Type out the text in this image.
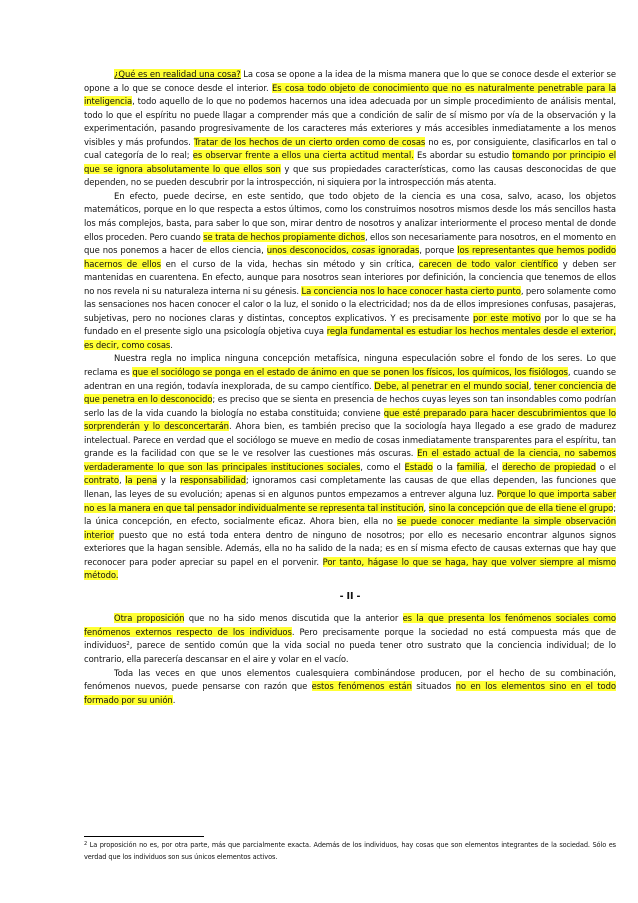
¿Qué es en realidad una cosa? La cosa se opone a la idea de la misma manera que lo que se conoce desde el exterior se opone a lo que se conoce desde el interior. Es cosa todo objeto de conocimiento que no es naturalmente penetrable para la inteligencia, todo aquello de lo que no podemos hacernos una idea adecuada por un simple procedimiento de análisis mental, todo lo que el espíritu no puede llagar a comprender más que a condición de salir de sí mismo por vía de la observación y la experimentación, pasando progresivamente de los caracteres más exteriores y más accesibles inmediatamente a los menos visibles y más profundos. Tratar de los hechos de un cierto orden como de cosas no es, por consiguiente, clasificarlos en tal o cual categoría de lo real; es observar frente a ellos una cierta actitud mental. Es abordar su estudio tomando por principio el que se ignora absolutamente lo que ellos son y que sus propiedades características, como las causas desconocidas de que dependen, no se pueden descubrir por la introspección, ni siquiera por la introspección más atenta.

En efecto, puede decirse, en este sentido, que todo objeto de la ciencia es una cosa, salvo, acaso, los objetos matemáticos, porque en lo que respecta a estos últimos, como los construimos nosotros mismos desde los más sencillos hasta los más complejos, basta, para saber lo que son, mirar dentro de nosotros y analizar interiormente el proceso mental de donde ellos proceden. Pero cuando se trata de hechos propiamente dichos, ellos son necesariamente para nosotros, en el momento en que nos ponemos a hacer de ellos ciencia, unos desconocidos, cosas ignoradas, porque los representantes que hemos podido hacernos de ellos en el curso de la vida, hechas sin método y sin crítica, carecen de todo valor científico y deben ser mantenidas en cuarentena. En efecto, aunque para nosotros sean interiores por definición, la conciencia que tenemos de ellos no nos revela ni su naturaleza interna ni su génesis. La conciencia nos lo hace conocer hasta cierto punto, pero solamente como las sensaciones nos hacen conocer el calor o la luz, el sonido o la electricidad; nos da de ellos impresiones confusas, pasajeras, subjetivas, pero no nociones claras y distintas, conceptos explicativos. Y es precisamente por este motivo por lo que se ha fundado en el presente siglo una psicología objetiva cuya regla fundamental es estudiar los hechos mentales desde el exterior, es decir, como cosas.

Nuestra regla no implica ninguna concepción metafísica, ninguna especulación sobre el fondo de los seres. Lo que reclama es que el sociólogo se ponga en el estado de ánimo en que se ponen los físicos, los químicos, los fisiólogos, cuando se adentran en una región, todavía inexplorada, de su campo científico. Debe, al penetrar en el mundo social, tener conciencia de que penetra en lo desconocido; es preciso que se sienta en presencia de hechos cuyas leyes son tan insondables como podrían serlo las de la vida cuando la biología no estaba constituida; conviene que esté preparado para hacer descubrimientos que lo sorprenderán y lo desconcertarán. Ahora bien, es también preciso que la sociología haya llegado a ese grado de madurez intelectual. Parece en verdad que el sociólogo se mueve en medio de cosas inmediatamente transparentes para el espíritu, tan grande es la facilidad con que se le ve resolver las cuestiones más oscuras. En el estado actual de la ciencia, no sabemos verdaderamente lo que son las principales instituciones sociales, como el Estado o la familia, el derecho de propiedad o el contrato, la pena y la responsabilidad; ignoramos casi completamente las causas de que ellas dependen, las funciones que llenan, las leyes de su evolución; apenas si en algunos puntos empezamos a entrever alguna luz. Porque lo que importa saber no es la manera en que tal pensador individualmente se representa tal institución, sino la concepción que de ella tiene el grupo; la única concepción, en efecto, socialmente eficaz. Ahora bien, ella no se puede conocer mediante la simple observación interior puesto que no está toda entera dentro de ninguno de nosotros; por ello es necesario encontrar algunos signos exteriores que la hagan sensible. Además, ella no ha salido de la nada; es en sí misma efecto de causas externas que hay que reconocer para poder apreciar su papel en el porvenir. Por tanto, hágase lo que se haga, hay que volver siempre al mismo método.

- II -

Otra proposición que no ha sido menos discutida que la anterior es la que presenta los fenómenos sociales como fenómenos externos respecto de los individuos. Pero precisamente porque la sociedad no está compuesta más que de individuos$^2$, parece de sentido común que la vida social no pueda tener otro sustrato que la conciencia individual; de lo contrario, ella parecería descansar en el aire y volar en el vacío.

Toda las veces en que unos elementos cualesquiera combinándose producen, por el hecho de su combinación, fenómenos nuevos, puede pensarse con razón que estos fenómenos están situados no en los elementos sino en el todo formado por su unión.

$^2$ La proposición no es, por otra parte, más que parcialmente exacta. Además de los individuos, hay cosas que son elementos integrantes de la sociedad. Sólo es verdad que los individuos son sus únicos elementos activos.
